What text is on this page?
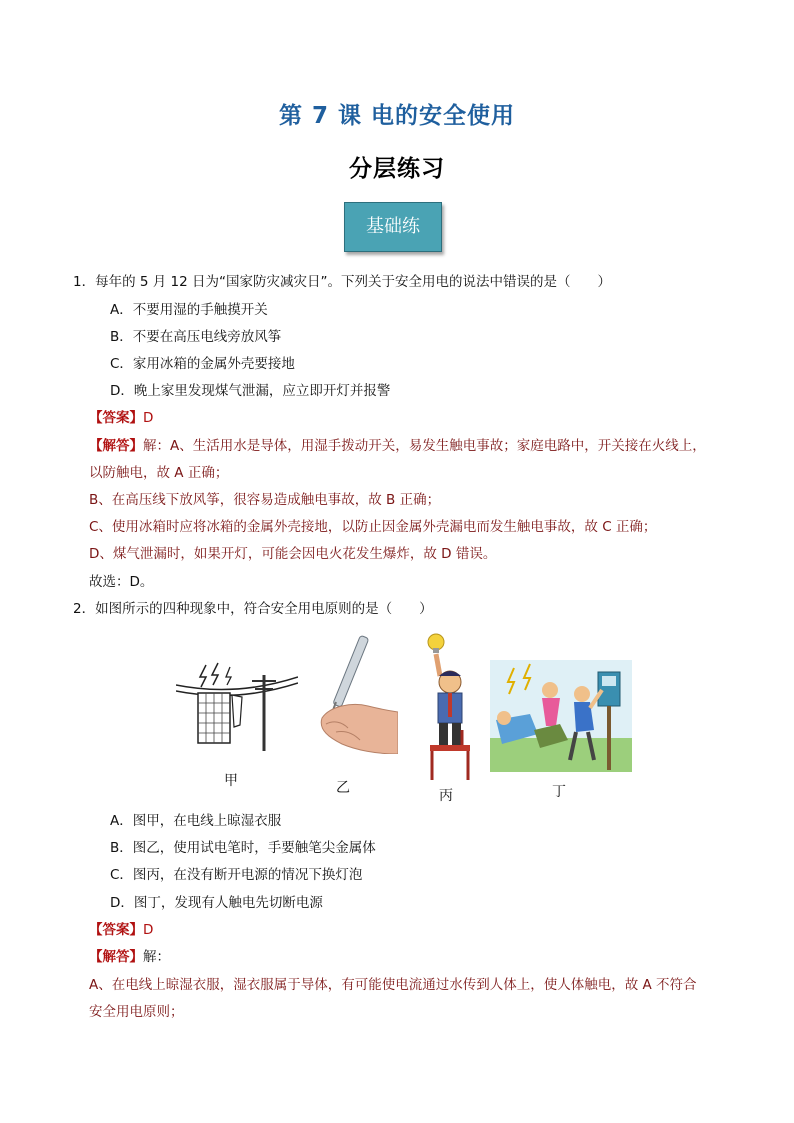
第 7 课 电的安全使用
分层练习
基础练
1．每年的 5 月 12 日为“国家防灾减灾日”。下列关于安全用电的说法中错误的是（　　）
A．不要用湿的手触摸开关
B．不要在高压电线旁放风筝
C．家用冰箱的金属外壳要接地
D．晚上家里发现煤气泄漏，应立即开灯并报警
【答案】D
【解答】解：A、生活用水是导体，用湿手拨动开关，易发生触电事故；家庭电路中，开关接在火线上，
以防触电，故 A 正确；
B、在高压线下放风筝，很容易造成触电事故，故 B 正确；
C、使用冰箱时应将冰箱的金属外壳接地，以防止因金属外壳漏电而发生触电事故，故 C 正确；
D、煤气泄漏时，如果开灯，可能会因电火花发生爆炸，故 D 错误。
故选：D。
2．如图所示的四种现象中，符合安全用电原则的是（　　）
甲	乙	丙	丁
A．图甲，在电线上晾湿衣服
B．图乙，使用试电笔时，手要触笔尖金属体
C．图丙，在没有断开电源的情况下换灯泡
D．图丁，发现有人触电先切断电源
【答案】D
【解答】解：
A、在电线上晾湿衣服，湿衣服属于导体，有可能使电流通过水传到人体上，使人体触电，故 A 不符合
安全用电原则；
